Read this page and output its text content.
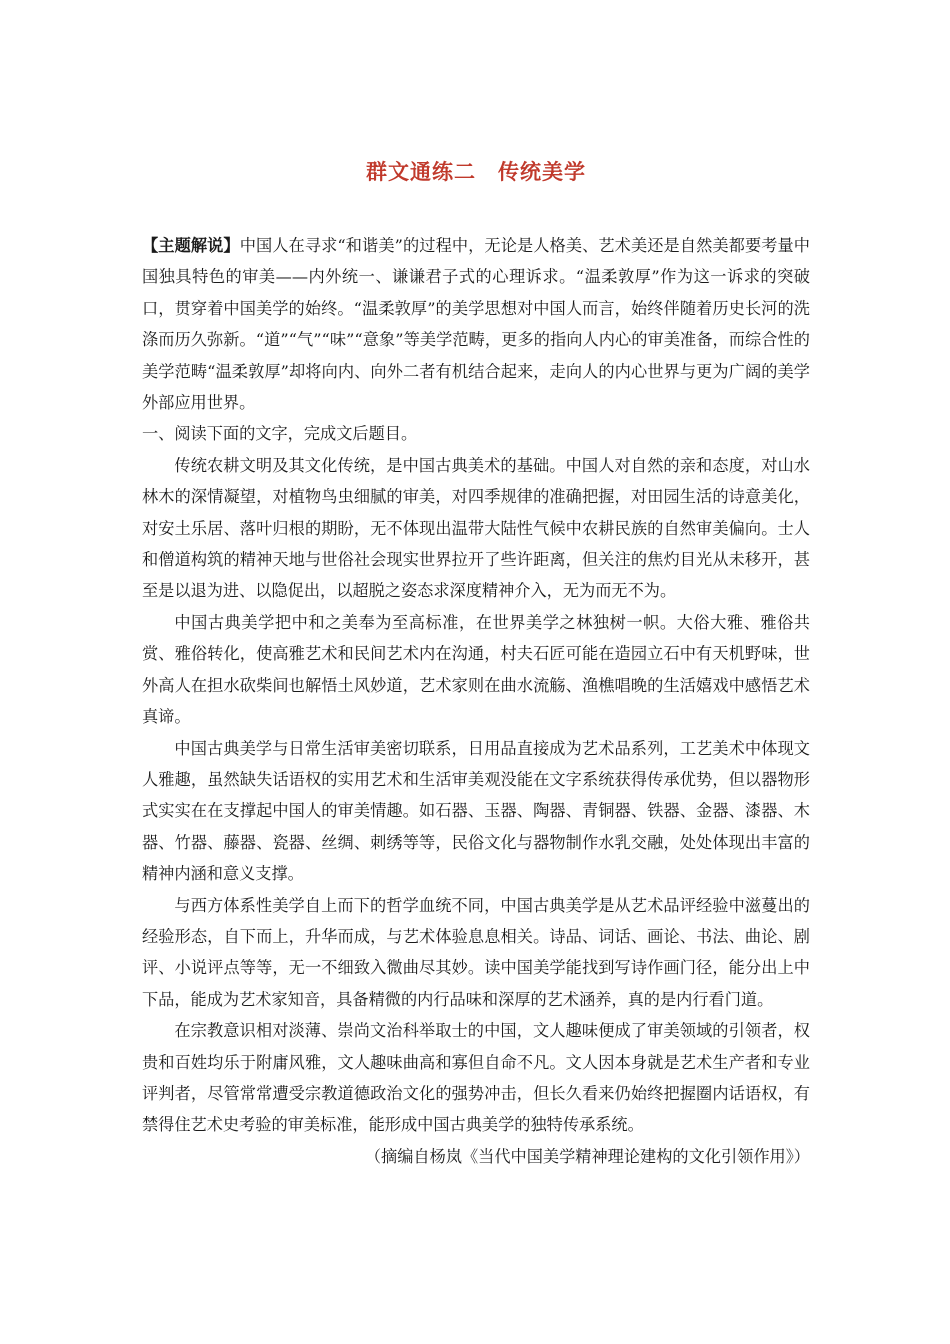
群文通练二 传统美学

【主题解说】中国人在寻求“和谐美”的过程中，无论是人格美、艺术美还是自然美都要考量中国独具特色的审美——内外统一、谦谦君子式的心理诉求。“温柔敦厚”作为这一诉求的突破口，贯穿着中国美学的始终。“温柔敦厚”的美学思想对中国人而言，始终伴随着历史长河的洗涤而历久弥新。“道”“气”“味”“意象”等美学范畴，更多的指向人内心的审美准备，而综合性的美学范畴“温柔敦厚”却将向内、向外二者有机结合起来，走向人的内心世界与更为广阔的美学外部应用世界。

一、阅读下面的文字，完成文后题目。

传统农耕文明及其文化传统，是中国古典美术的基础。中国人对自然的亲和态度，对山水林木的深情凝望，对植物鸟虫细腻的审美，对四季规律的准确把握，对田园生活的诗意美化，对安土乐居、落叶归根的期盼，无不体现出温带大陆性气候中农耕民族的自然审美偏向。士人和僧道构筑的精神天地与世俗社会现实世界拉开了些许距离，但关注的焦灼目光从未移开，甚至是以退为进、以隐促出，以超脱之姿态求深度精神介入，无为而无不为。

中国古典美学把中和之美奉为至高标准，在世界美学之林独树一帜。大俗大雅、雅俗共赏、雅俗转化，使高雅艺术和民间艺术内在沟通，村夫石匠可能在造园立石中有天机野味，世外高人在担水砍柴间也解悟土风妙道，艺术家则在曲水流觞、渔樵唱晚的生活嬉戏中感悟艺术真谛。

中国古典美学与日常生活审美密切联系，日用品直接成为艺术品系列，工艺美术中体现文人雅趣，虽然缺失话语权的实用艺术和生活审美观没能在文字系统获得传承优势，但以器物形式实实在在支撑起中国人的审美情趣。如石器、玉器、陶器、青铜器、铁器、金器、漆器、木器、竹器、藤器、瓷器、丝绸、刺绣等等，民俗文化与器物制作水乳交融，处处体现出丰富的精神内涵和意义支撑。

与西方体系性美学自上而下的哲学血统不同，中国古典美学是从艺术品评经验中滋蔓出的经验形态，自下而上，升华而成，与艺术体验息息相关。诗品、词话、画论、书法、曲论、剧评、小说评点等等，无一不细致入微曲尽其妙。读中国美学能找到写诗作画门径，能分出上中下品，能成为艺术家知音，具备精微的内行品味和深厚的艺术涵养，真的是内行看门道。

在宗教意识相对淡薄、崇尚文治科举取士的中国，文人趣味便成了审美领域的引领者，权贵和百姓均乐于附庸风雅，文人趣味曲高和寡但自命不凡。文人因本身就是艺术生产者和专业评判者，尽管常常遭受宗教道德政治文化的强势冲击，但长久看来仍始终把握圈内话语权，有禁得住艺术史考验的审美标准，能形成中国古典美学的独特传承系统。

（摘编自杨岚《当代中国美学精神理论建构的文化引领作用》）
